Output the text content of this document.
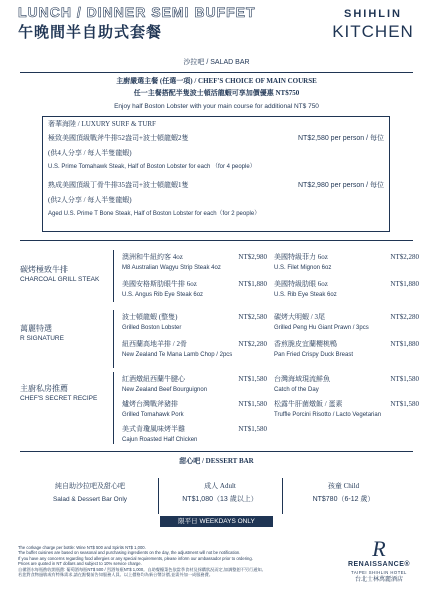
LUNCH / DINNER SEMI BUFFET
午晚間半自助式套餐
SHIHLIN
KITCHEN
沙拉吧 / SALAD BAR
主廚嚴選主餐 (任選一項) / CHEF'S CHOICE OF MAIN COURSE
任一主餐搭配半隻波士頓活龍蝦可享加價優惠 NT$750
Enjoy half Boston Lobster with your main course for additional NT$ 750
奢華海陸 / LUXURY SURF & TURF
極致美國頂級戰斧牛排52盎司+波士頓龍蝦2隻	NT$2,580 per person / 每位
(供4人分享 / 每人半隻龍蝦)
U.S. Prime Tomahawk Steak, Half of Boston Lobster for each （for 4 people）
熟成美國頂級丁骨牛排35盎司+波士頓龍蝦1隻	NT$2,980 per person / 每位
(供2人分享 / 每人半隻龍蝦)
Aged U.S. Prime T Bone Steak, Half of Boston Lobster for each（for 2 people）
碳烤極致牛排
CHARCOAL GRILL STEAK
澳洲和牛紐約客 4oz	NT$2,980
M8 Australian Wagyu Strip Steak 4oz
美國特級菲力 6oz	NT$2,280
U.S. Filet Mignon 6oz
美國安格斯肋眼牛排 6oz	NT$1,880
U.S. Angus Rib Eye Steak 6oz
美國特級肋眼 6oz	NT$1,880
U.S. Rib Eye Steak 6oz
萬麗特選
R SIGNATURE
波士頓龍蝦 (整隻)	NT$2,580
Grilled Boston Lobster
碳烤大明蝦 / 3尾	NT$2,280
Grilled Peng Hu Giant Prawn / 3pcs
紐西蘭高地羊排 / 2骨	NT$2,280
New Zealand Te Mana Lamb Chop / 2pcs
香煎脆皮宜蘭櫻桃鴨	NT$1,880
Pan Fried Crispy Duck Breast
主廚私房推薦
CHEF'S SECRET RECIPE
紅酒燉紐西蘭牛腱心	NT$1,580
New Zealand Beef Bourguignon
台灣海域現流鮮魚	NT$1,580
Catch of the Day
爐烤台灣戰斧豬排	NT$1,580
Grilled Tomahawk Pork
松露牛肝菌燉飯 / 蛋素	NT$1,580
Truffle Porcini Risotto / Lacto Vegetarian
美式肯瓊風味烤半雞	NT$1,580
Cajun Roasted Half Chicken
甜心吧 / DESSERT BAR
純自助沙拉吧及甜心吧
Salad & Dessert Bar Only
成人 Adult
NT$1,080（13 歲以上）
孩童 Child
NT$780（6-12 歲）
限平日 WEEKDAYS ONLY
The corkage charge per bottle: Wine NT$ 500 and Spirits NT$ 1,000.
The buffet cuisines are based on seasonal and purchasing ingredients on the day, the adjustment will not be notification.
If you have any concerns regarding food allergies or any special requirements, please inform our ambassador prior to ordering.
Prices are quoted in NT dollars and subject to 10% service charge.
自備酒水每瓶酌收開瓶費: 葡萄酒每瓶NT$ 500 / 烈酒每瓶NT$ 1,000。自助餐檯菜色依當季食材及採購狀況而定,如調整恕不另行通知。
若您對食物過敏或有特殊需求,請在點餐前告知服務人員。以上價格均為新台幣計價,並需外加一成服務費。
R
RENAISSANCE®
TAIPEI SHIHLIN HOTEL
台北士林萬麗酒店
